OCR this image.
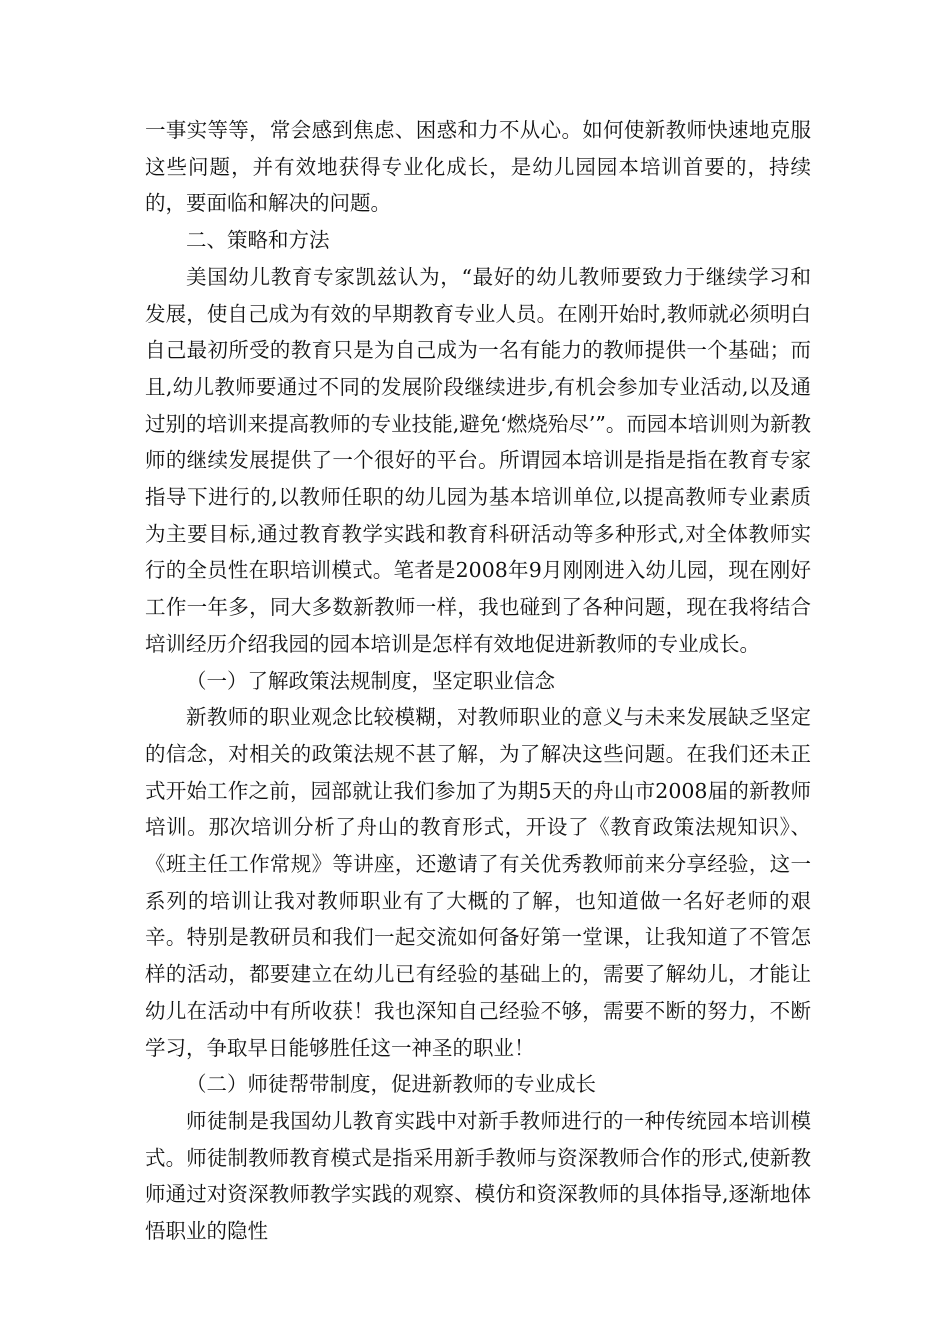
一事实等等，常会感到焦虑、困惑和力不从心。如何使新教师快速地克服这些问题，并有效地获得专业化成长，是幼儿园园本培训首要的，持续的，要面临和解决的问题。

二、策略和方法

美国幼儿教育专家凯兹认为，“最好的幼儿教师要致力于继续学习和发展，使自己成为有效的早期教育专业人员。在刚开始时,教师就必须明白自己最初所受的教育只是为自己成为一名有能力的教师提供一个基础；而且,幼儿教师要通过不同的发展阶段继续进步,有机会参加专业活动,以及通过别的培训来提高教师的专业技能,避免‘燃烧殆尽’”。而园本培训则为新教师的继续发展提供了一个很好的平台。所谓园本培训是指是指在教育专家指导下进行的,以教师任职的幼儿园为基本培训单位,以提高教师专业素质为主要目标,通过教育教学实践和教育科研活动等多种形式,对全体教师实行的全员性在职培训模式。笔者是2008年9月刚刚进入幼儿园，现在刚好工作一年多，同大多数新教师一样，我也碰到了各种问题，现在我将结合培训经历介绍我园的园本培训是怎样有效地促进新教师的专业成长。

（一）了解政策法规制度，坚定职业信念

新教师的职业观念比较模糊，对教师职业的意义与未来发展缺乏坚定的信念，对相关的政策法规不甚了解，为了解决这些问题。在我们还未正式开始工作之前，园部就让我们参加了为期5天的舟山市2008届的新教师培训。那次培训分析了舟山的教育形式，开设了《教育政策法规知识》、《班主任工作常规》等讲座，还邀请了有关优秀教师前来分享经验，这一系列的培训让我对教师职业有了大概的了解，也知道做一名好老师的艰辛。特别是教研员和我们一起交流如何备好第一堂课，让我知道了不管怎样的活动，都要建立在幼儿已有经验的基础上的，需要了解幼儿，才能让幼儿在活动中有所收获！我也深知自己经验不够，需要不断的努力，不断学习，争取早日能够胜任这一神圣的职业！

（二）师徒帮带制度，促进新教师的专业成长

师徒制是我国幼儿教育实践中对新手教师进行的一种传统园本培训模式。师徒制教师教育模式是指采用新手教师与资深教师合作的形式,使新教师通过对资深教师教学实践的观察、模仿和资深教师的具体指导,逐渐地体悟职业的隐性
